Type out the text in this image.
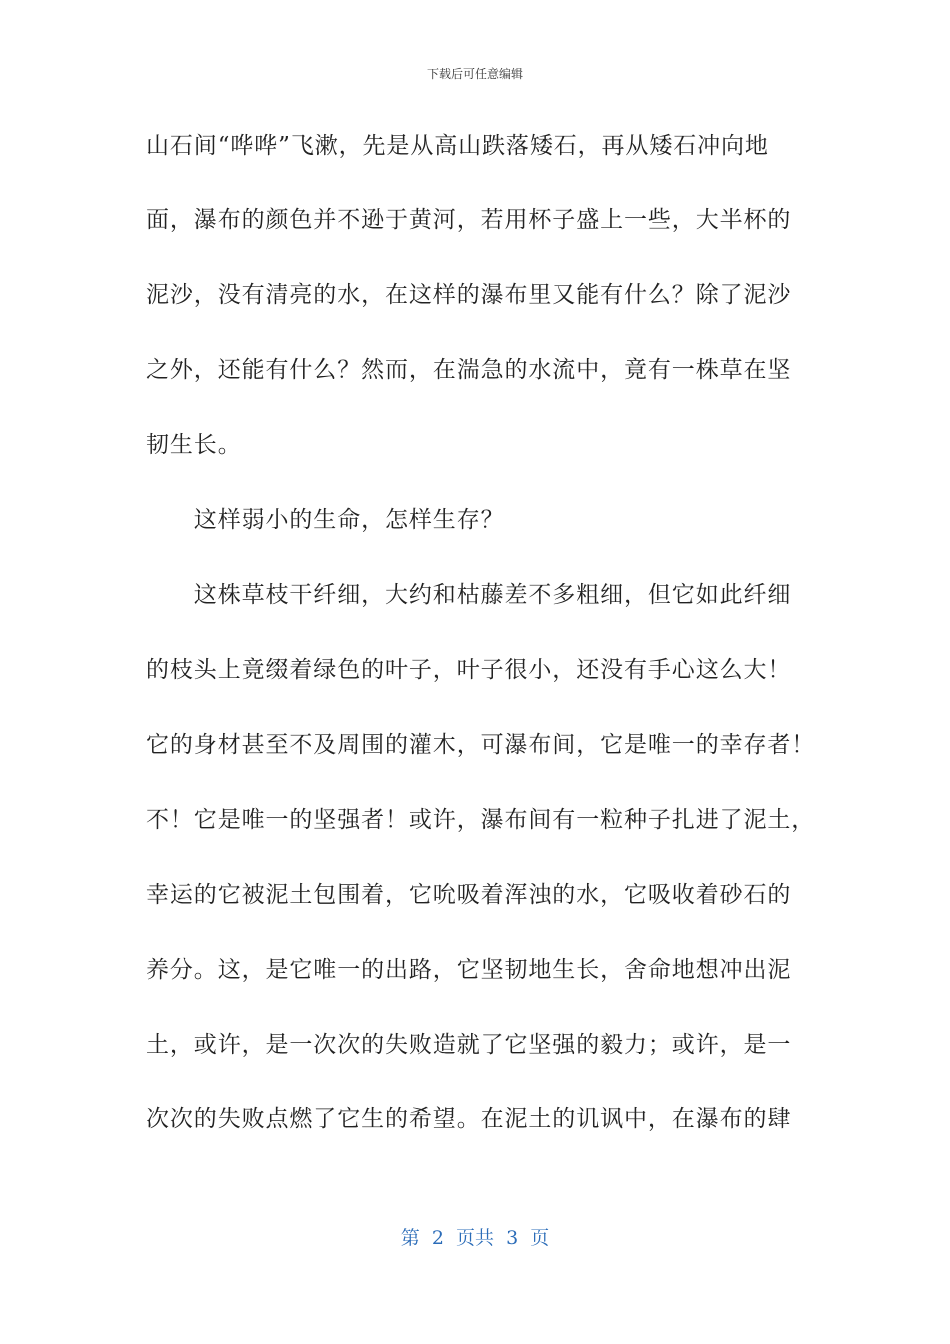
下载后可任意编辑
山石间“哗哗”飞漱，先是从高山跌落矮石，再从矮石冲向地
面，瀑布的颜色并不逊于黄河，若用杯子盛上一些，大半杯的
泥沙，没有清亮的水，在这样的瀑布里又能有什么？除了泥沙
之外，还能有什么？然而，在湍急的水流中，竟有一株草在坚
韧生长。
　　这样弱小的生命，怎样生存？
　　这株草枝干纤细，大约和枯藤差不多粗细，但它如此纤细
的枝头上竟缀着绿色的叶子，叶子很小，还没有手心这么大！
它的身材甚至不及周围的灌木，可瀑布间，它是唯一的幸存者！
不！它是唯一的坚强者！或许，瀑布间有一粒种子扎进了泥土，
幸运的它被泥土包围着，它吮吸着浑浊的水，它吸收着砂石的
养分。这，是它唯一的出路，它坚韧地生长，舍命地想冲出泥
土，或许，是一次次的失败造就了它坚强的毅力；或许，是一
次次的失败点燃了它生的希望。在泥土的讥讽中，在瀑布的肆
第  2  页共  3  页
